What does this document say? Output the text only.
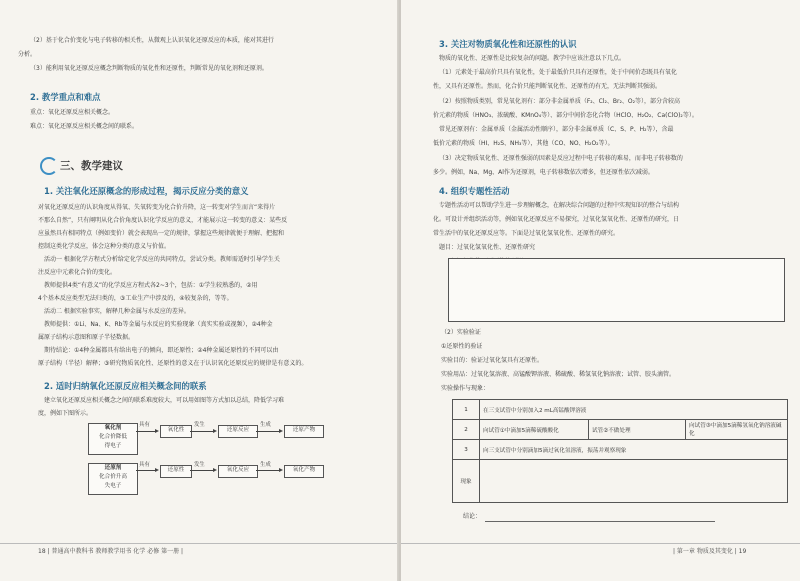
（2）基于化合价变化与电子转移的相关性，从微观上认识氧化还原反应的本质，能对其进行
分析。
（3）能利用氧化还原反应概念判断物质的氧化性和还原性，判断常见的氧化剂和还原剂。
2. 教学重点和难点
重点：氧化还原反应相关概念。
难点：氧化还原反应相关概念间的联系。
三、教学建议
1. 关注氧化还原概念的形成过程，揭示反应分类的意义
对氧化还原反应的认识角度从得氧、失氧转变为化合价升降，这一转变对学生而言“来得片
不那么自然”，只有阐明从化合价角度认识化学反应的意义，才能展示这一转变的意义：某些反
应虽然具有相同特点（例如变价）就会表现出一定的规律，掌握这些规律就便于理解、把握和
控制这类化学反应，体会这种分类的意义与价值。
活动一 根据化学方程式分析给定化学反应的共同特点，尝试分类。教师需适时引导学生关
注反应中元素化合价的变化。
教师提供4类“有意义”的化学反应方程式各2~3个，包括：①学生较熟悉的，②用
4个基本反应类型无法归类的，③工业生产中涉及的，④较复杂的，等等。
活动二 根据实验事实，解释几种金属与水反应的差异。
教师提供：①Li、Na、K、Rb等金属与水反应的实验现象（真实实验或视频），②4种金
属原子结构示意图和原子半径数据。
期待结论：①4种金属都具有给出电子的倾向，即还原性；②4种金属还原性的不同可以由
原子结构（半径）解释；③研究物质氧化性、还原性的意义在于认识氧化还原反应的规律是有意义的。
2. 适时归纳氧化还原反应相关概念间的联系
建立氧化还原反应相关概念之间的联系难度较大，可以用如图等方式加以总结，降低学习难
度，例如下图所示。
氧化剂
化合价降低
得电子
具有
氧化性
发生
还原反应
生成
还原产物
还原剂
化合价升高
失电子
具有
还原性
发生
氧化反应
生成
氧化产物
18 | 普通高中教科书 教师教学用书 化学 必修 第一册 |
3. 关注对物质氧化性和还原性的认识
物质的氧化性、还原性是比较复杂的问题。教学中应该注意以下几点。
（1）元素处于最高价只具有氧化性，处于最低价只具有还原性，处于中间价态既具有氧化
性，又具有还原性。然而，化合价只能判断氧化性、还原性的有无，无法判断其强弱。
（2）按照物质类别，常见氧化剂有：部分非金属单质（F₂、Cl₂、Br₂、O₂等），部分含较高
价元素的物质（HNO₃、浓硫酸、KMnO₄等）、部分中间价态化合物（HClO、H₂O₂、Ca(ClO)₂等）。
常见还原剂有：金属单质（金属活动性顺序），部分非金属单质（C、S、P、H₂等），含最
低价元素的物质（HI、H₂S、NH₃等），其他（CO、NO、H₂O₂等）。
（3）决定物质氧化性、还原性强弱的因素是反应过程中电子转移的难易，而非电子转移数的
多少。例如，Na、Mg、Al作为还原剂，电子转移数依次增多，但还原性依次减弱。
4. 组织专题性活动
专题性活动可以帮助学生进一步理解概念，在解决综合问题的过程中实现知识的整合与结构
化。可设计并组织活动等，例如氧化还原反应不易探究，过氧化氢氧化性、还原性的研究，日
常生活中的氧化还原反应等。下面是过氧化氢氧化性、还原性的研究。
题目：过氧化氢氧化性、还原性研究
（2）实验验证
①还原性的验证
实验目的：验证过氧化氢具有还原性。
实验用品：过氧化氢溶液、高锰酸钾溶液、稀硫酸、稀氢氧化钠溶液；试管、胶头滴管。
实验操作与现象：
结论：
| 第一章 物质及其变化 | 19
1	在三支试管中分别加入2 mL高锰酸钾溶液		
2	向试管①中滴加5滴稀硫酸酸化	试管②不做处理	向试管③中滴加5滴稀氢氧化钠溶液碱化
3	向三支试管中分别滴加5滴过氧化氢溶液，振荡并观察现象		
现象			
